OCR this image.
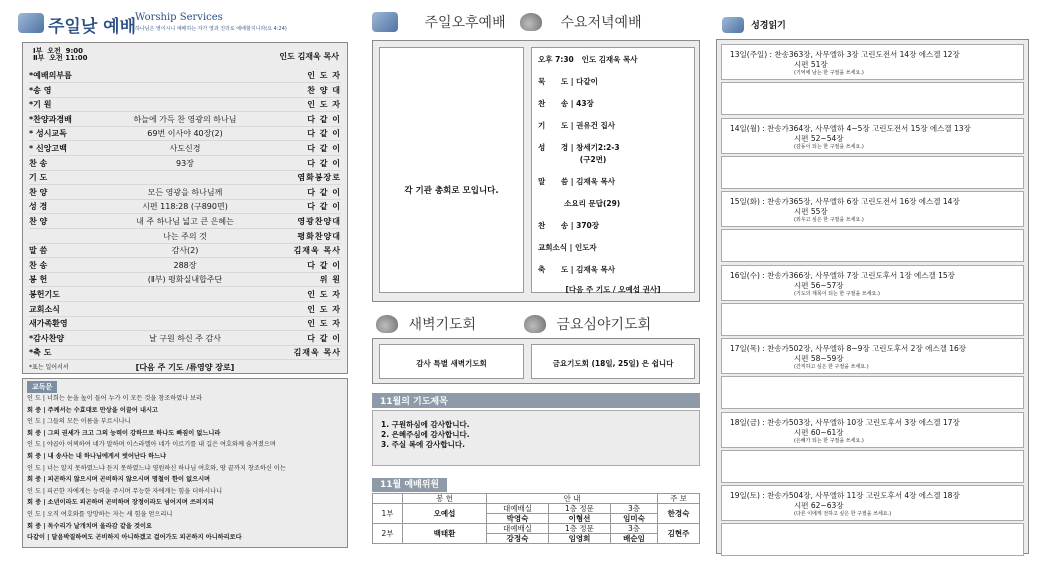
주일낮 예배
Worship Services
하나님은 영이시니 예배하는 자가 영과 진리로 예배할지니라(요 4:24)
Ⅰ부  오전  9:00
Ⅱ부  오전 11:00	인도 김재욱 목사
*예배의부름	인 도 자
*송 영	찬 양 대
*기 원	인 도 자
*찬양과경배	하늘에 가득 찬 영광의 하나님	다 같 이
* 성시교독	69번 이사야 40장(2)	다 같 이
* 신앙고백	사도신경	다 같 이
찬 송	93장	다 같 이
기 도	염화봉장로
찬 양	모든 영광을 하나님께	다 같 이
성 경	시편 118:28 (구890면)	다 같 이
찬 양	내 주 하나님 넓고 큰 은혜는	영광찬양대
나는 주의 것	평화찬양대
말 씀	감사(2)	김재욱 목사
찬 송	288장	다 같 이
봉 헌	(Ⅱ부) 평화실내합주단	위 원
봉헌기도	인 도 자
교회소식	인 도 자
새가족환영	인 도 자
*감사찬양	날 구원 하신 주 감사	다 같 이
*축 도	김재욱 목사
*표는 일어서서	[다음 주 기도 /류영양 장로]
교독문
인 도 | 너희는 눈을 높이 들어 누가 이 모든 것을 창조하였나 보라
회 중 | 주께서는 수효대로 만상을 이끌어 내시고
인 도 | 그들의 모든 이름을 부르시나니
회 중 | 그의 권세가 크고 그의 능력이 강하므로 하나도 빠짐이 없느니라
인 도 | 야곱아 어찌하여 네가 말하며 이스라엘아 네가 이르기를 내 길은 여호와께 숨겨졌으며
회 중 | 내 송사는 내 하나님에게서 벗어난다 하느냐
인 도 | 너는 알지 못하였느냐 듣지 못하였느냐 영원하신 하나님 여호와, 땅 끝까지 창조하신 이는
회 중 | 피곤하지 않으시며 곤비하지 않으시며 명철이 한이 없으시며
인 도 | 피곤한 자에게는 능력을 주시며 무능한 자에게는 힘을 더하시나니
회 중 | 소년이라도 피곤하며 곤비하며 장정이라도 넘어지며 쓰러지되
인 도 | 오직 여호와를 앙망하는 자는 새 힘을 얻으리니
회 중 | 독수리가 날개치며 올라감 같을 것이요
다같이 | 달음박질하여도 곤비하지 아니하겠고 걸어가도 피곤하지 아니하리로다
주일오후예배	수요저녁예배
각 기관 총회로 모입니다.
오후 7:30   인도 김재욱 목사
묵      도 | 다같이
찬      송 | 43장
기      도 | 권유건 집사
성      경 | 창세기2:2-3
(구2면)
말      씀 | 김재욱 목사
소요리 문답(29)
찬      송 | 370장
교회소식 | 인도자
축      도 | 김재욱 목사
[다음 주 기도 / 오예섭 권사]
새벽기도회	금요심야기도회
감사 특별 새벽기도회	금요기도회 (18일, 25일) 은 쉽니다
11월의 기도제목
1. 구원하심에 감사합니다.
2. 은혜주심에 감사합니다.
3. 주실 복에 감사합니다.
11월 예배위원
	봉 헌	안 내			주 보
1부	오예섭	대예배실	1층 정문	3층	한경숙
		박영숙	이형선	임미숙	
2부	백태환	대예배실	1층 정문	3층	김현주
		강정숙	임영희	배순임	
성경읽기
13일(주일) : 찬송363장, 사무엘하 3장 고린도전서 14장 에스겔 12장
시편 51장
(기억에 남는 한 구절을 쓰세요.)
14일(월) : 찬송가364장, 사무엘하 4~5장 고린도전서 15장 에스겔 13장
시편 52~54장
(감동이 되는 한 구절을 쓰세요.)
15일(화) : 찬송가365장, 사무엘하 6장 고린도전서 16장 에스겔 14장
시편 55장
(외우고 싶은 한 구절을 쓰세요.)
16일(수) : 찬송가366장, 사무엘하 7장 고린도후서 1장 에스겔 15장
시편 56~57장
(기도의 제목이 되는 한 구절을 쓰세요.)
17일(목) : 찬송가502장, 사무엘하 8~9장 고린도후서 2장 에스겔 16장
시편 58~59장
(간직하고 싶은 한 구절을 쓰세요.)
18일(금) : 찬송가503장, 사무엘하 10장 고린도후서 3장 에스겔 17장
시편 60~61장
(은혜가 되는 한 구절을 쓰세요.)
19일(토) : 찬송가504장, 사무엘하 11장 고린도후서 4장 에스겔 18장
시편 62~63장
(다른 이에게 전하고 싶은 한 구절을 쓰세요.)
